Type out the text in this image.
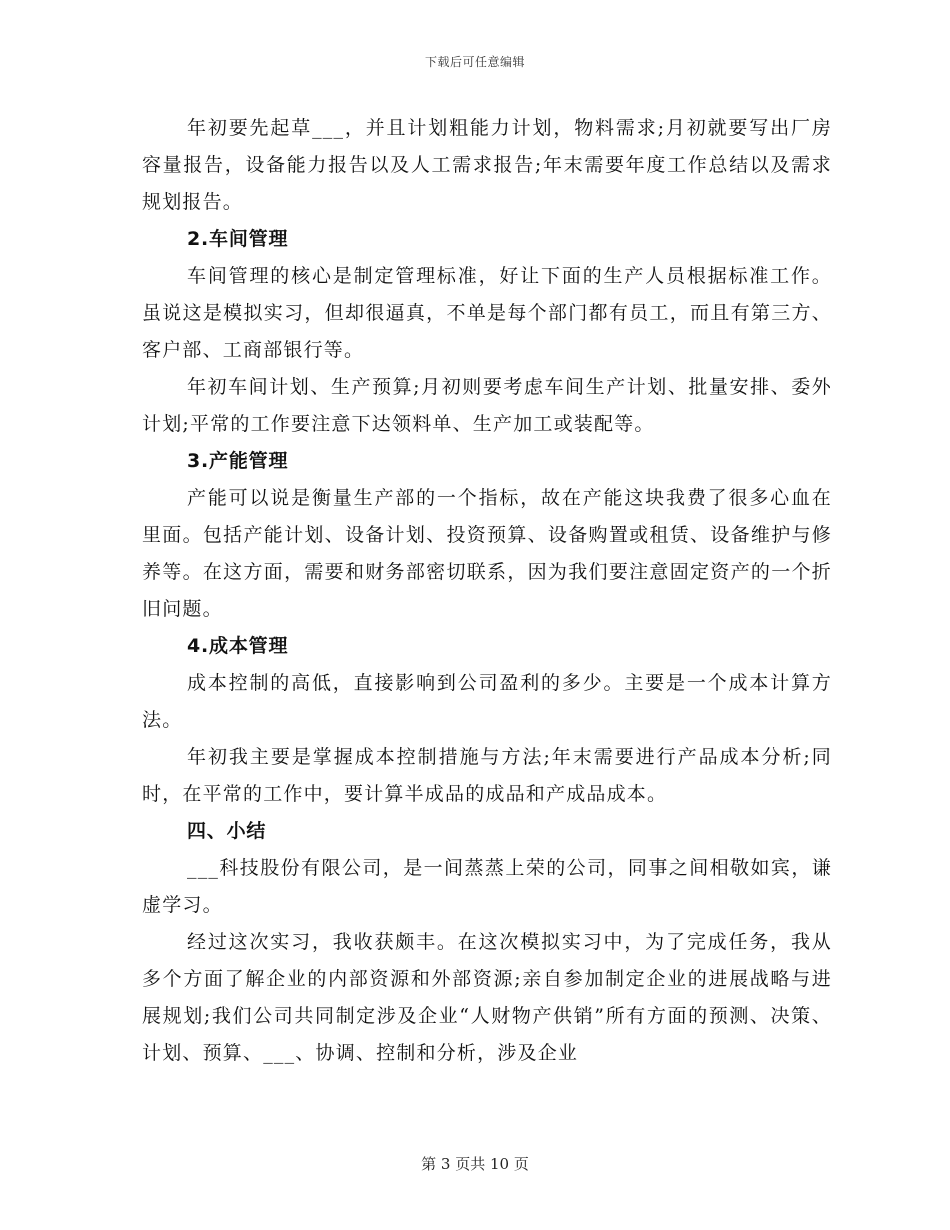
下载后可任意编辑

年初要先起草___，并且计划粗能力计划，物料需求;月初就要写出厂房容量报告，设备能力报告以及人工需求报告;年末需要年度工作总结以及需求规划报告。

2.车间管理

车间管理的核心是制定管理标准，好让下面的生产人员根据标准工作。虽说这是模拟实习，但却很逼真，不单是每个部门都有员工，而且有第三方、客户部、工商部银行等。

年初车间计划、生产预算;月初则要考虑车间生产计划、批量安排、委外计划;平常的工作要注意下达领料单、生产加工或装配等。

3.产能管理

产能可以说是衡量生产部的一个指标，故在产能这块我费了很多心血在里面。包括产能计划、设备计划、投资预算、设备购置或租赁、设备维护与修养等。在这方面，需要和财务部密切联系，因为我们要注意固定资产的一个折旧问题。

4.成本管理

成本控制的高低，直接影响到公司盈利的多少。主要是一个成本计算方法。

年初我主要是掌握成本控制措施与方法;年末需要进行产品成本分析;同时，在平常的工作中，要计算半成品的成品和产成品成本。

四、小结

___科技股份有限公司，是一间蒸蒸上荣的公司，同事之间相敬如宾，谦虚学习。

经过这次实习，我收获颇丰。在这次模拟实习中，为了完成任务，我从多个方面了解企业的内部资源和外部资源;亲自参加制定企业的进展战略与进展规划;我们公司共同制定涉及企业“人财物产供销”所有方面的预测、决策、计划、预算、___、协调、控制和分析，涉及企业

第 3 页共 10 页
